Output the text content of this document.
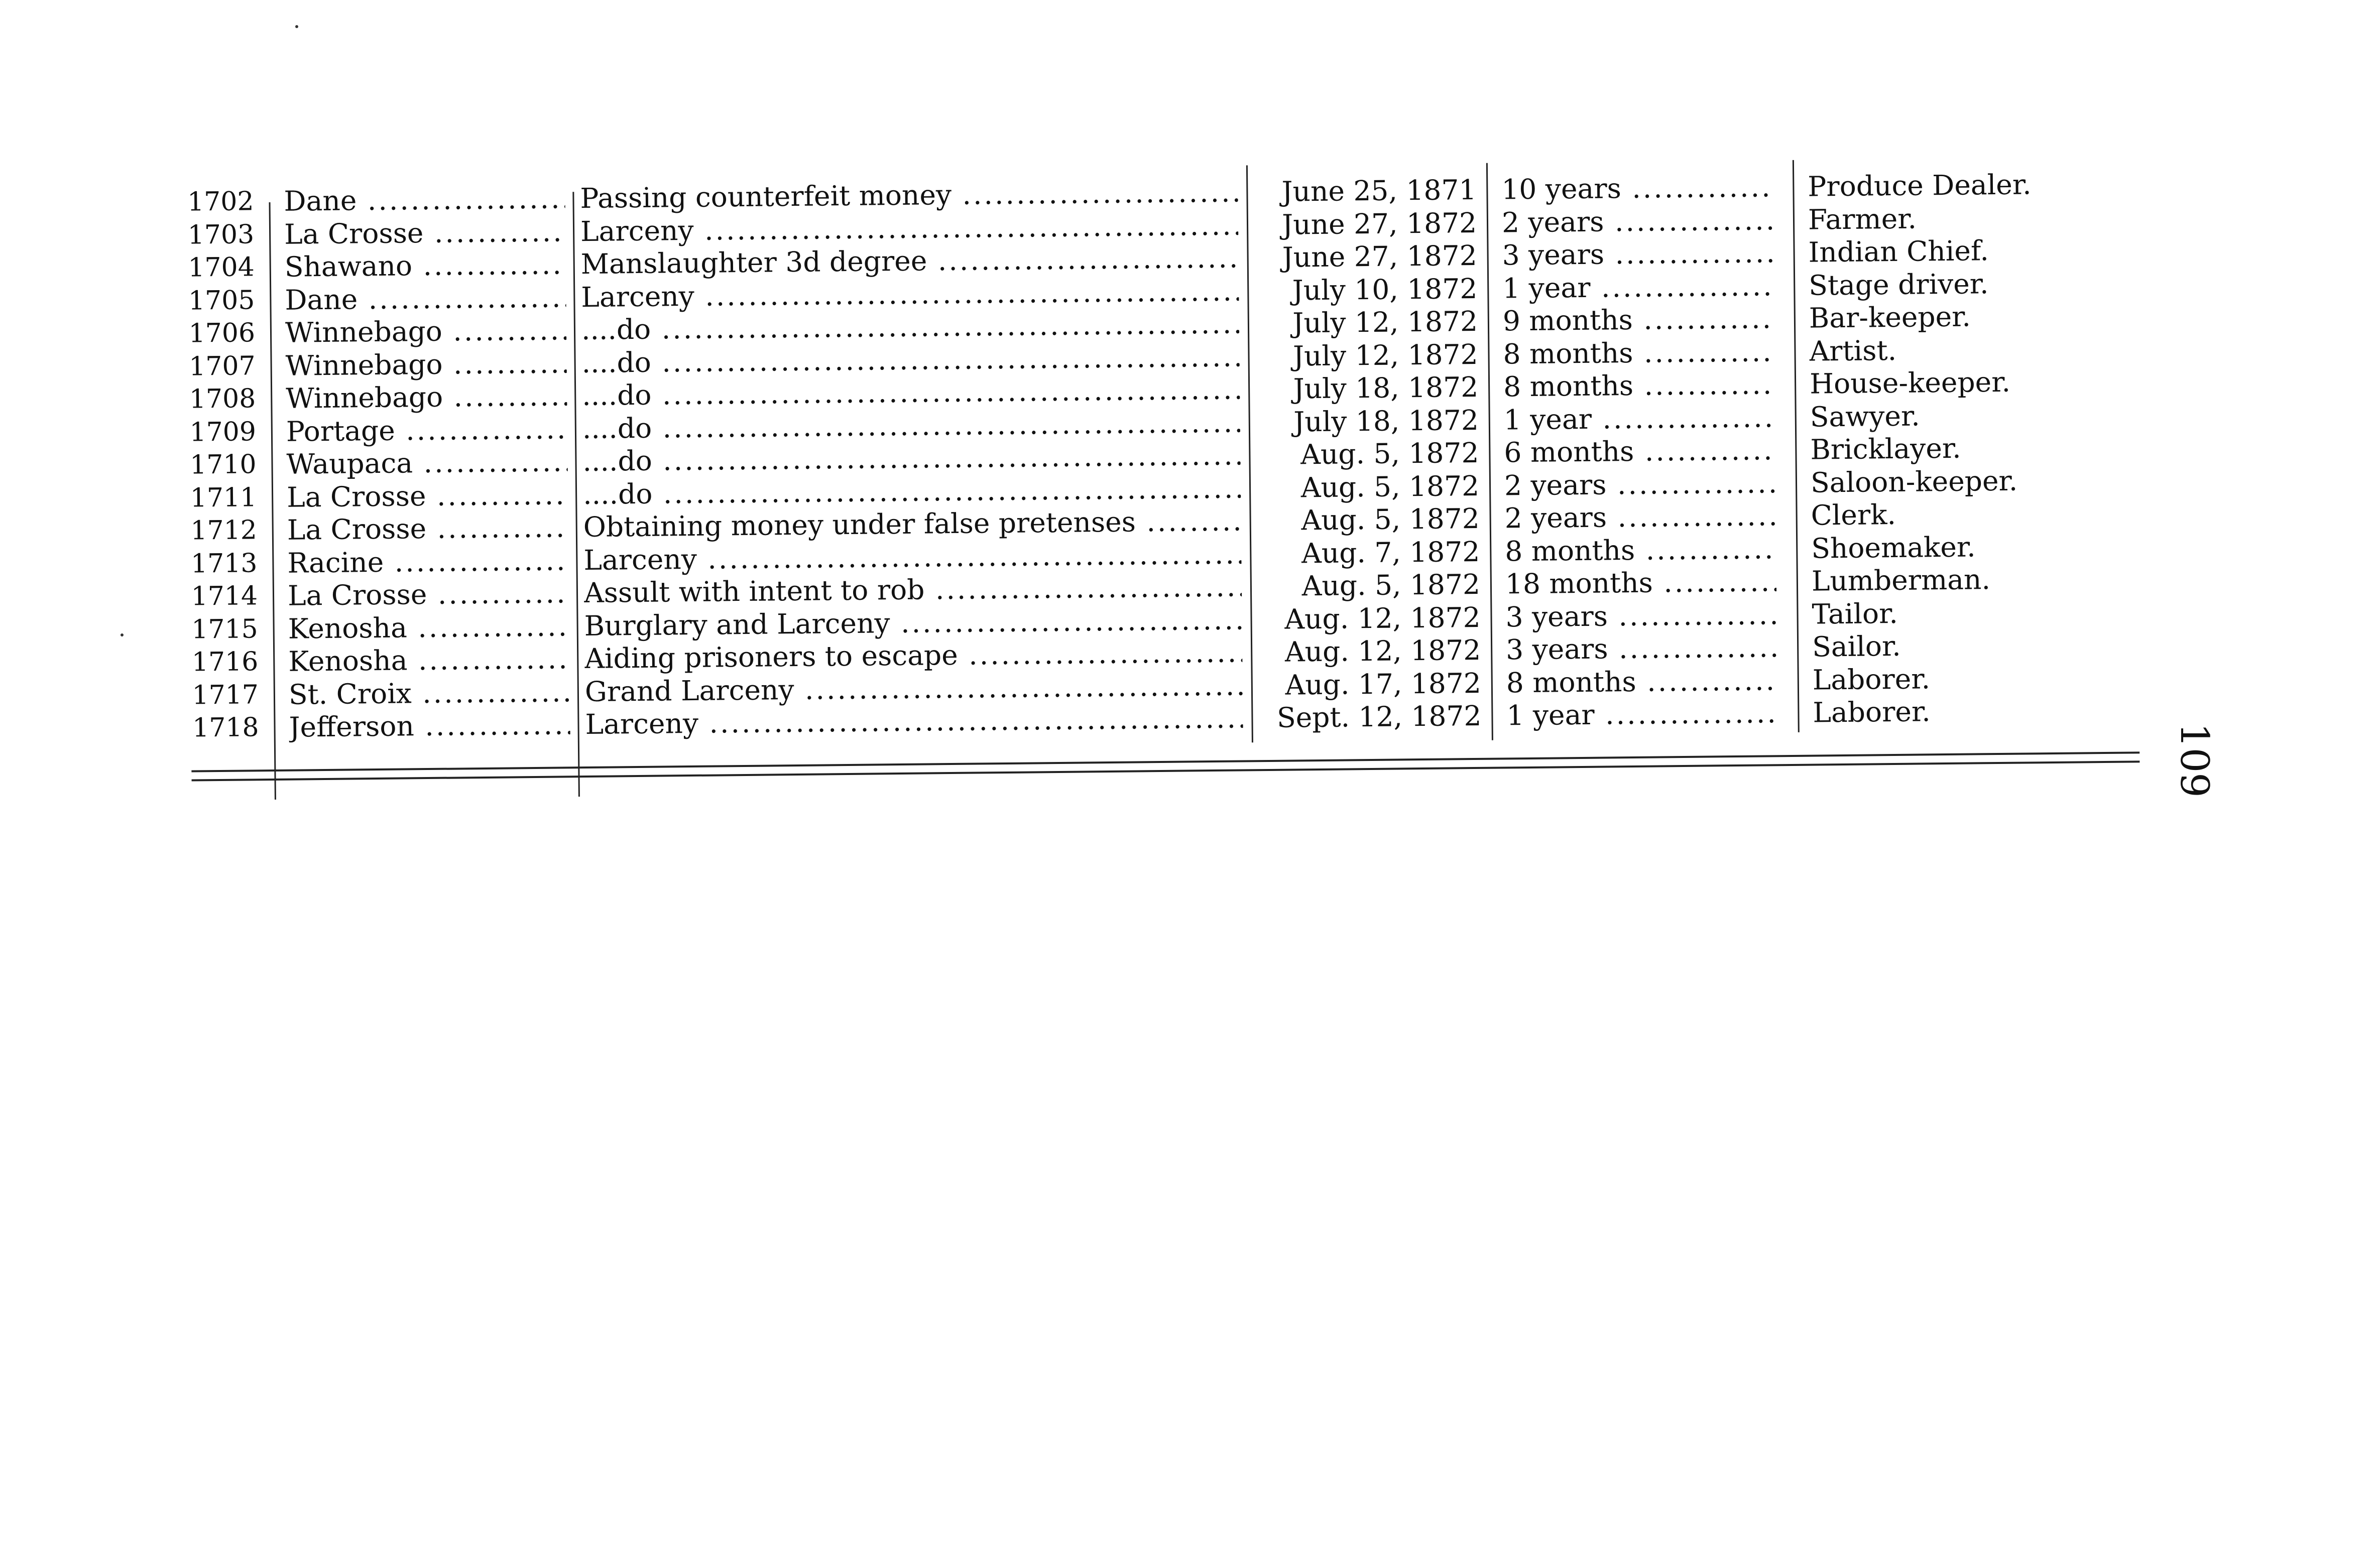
1702 Dane .....	Passing counterfeit money .....	June 25, 1871 10 years .....	Produce Dealer.
1703 La Crosse .....	Larceny .....	June 27, 1872 2 years .....	Farmer.
1704 Shawano .....	Manslaughter 3d degree .....	June 27, 1872 3 years .....	Indian Chief.
1705 Dane .....	Larceny .....	July 10, 1872 1 year .....	Stage driver.
1706 Winnebago .....	....do .....	July 12, 1872 9 months .....	Bar-keeper.
1707 Winnebago .....	....do .....	July 12, 1872 8 months .....	Artist.
1708 Winnebago .....	....do .....	July 18, 1872 8 months .....	House-keeper.
1709 Portage .....	....do .....	July 18, 1872 1 year .....	Sawyer.
1710 Waupaca .....	....do .....	Aug. 5, 1872 6 months .....	Bricklayer.
1711 La Crosse .....	....do .....	Aug. 5, 1872 2 years .....	Saloon-keeper.
1712 La Crosse .....	Obtaining money under false pretenses .....	Aug. 5, 1872 2 years .....	Clerk.
1713 Racine .....	Larceny .....	Aug. 7, 1872 8 months .....	Shoemaker.
1714 La Crosse .....	Assult with intent to rob .....	Aug. 5, 1872 18 months .....	Lumberman.
1715 Kenosha .....	Burglary and Larceny .....	Aug. 12, 1872 3 years .....	Tailor.
1716 Kenosha .....	Aiding prisoners to escape .....	Aug. 12, 1872 3 years .....	Sailor.
1717 St. Croix .....	Grand Larceny .....	Aug. 17, 1872 8 months .....	Laborer.
1718 Jefferson .....	Larceny .....	Sept. 12, 1872 1 year .....	Laborer.
109
